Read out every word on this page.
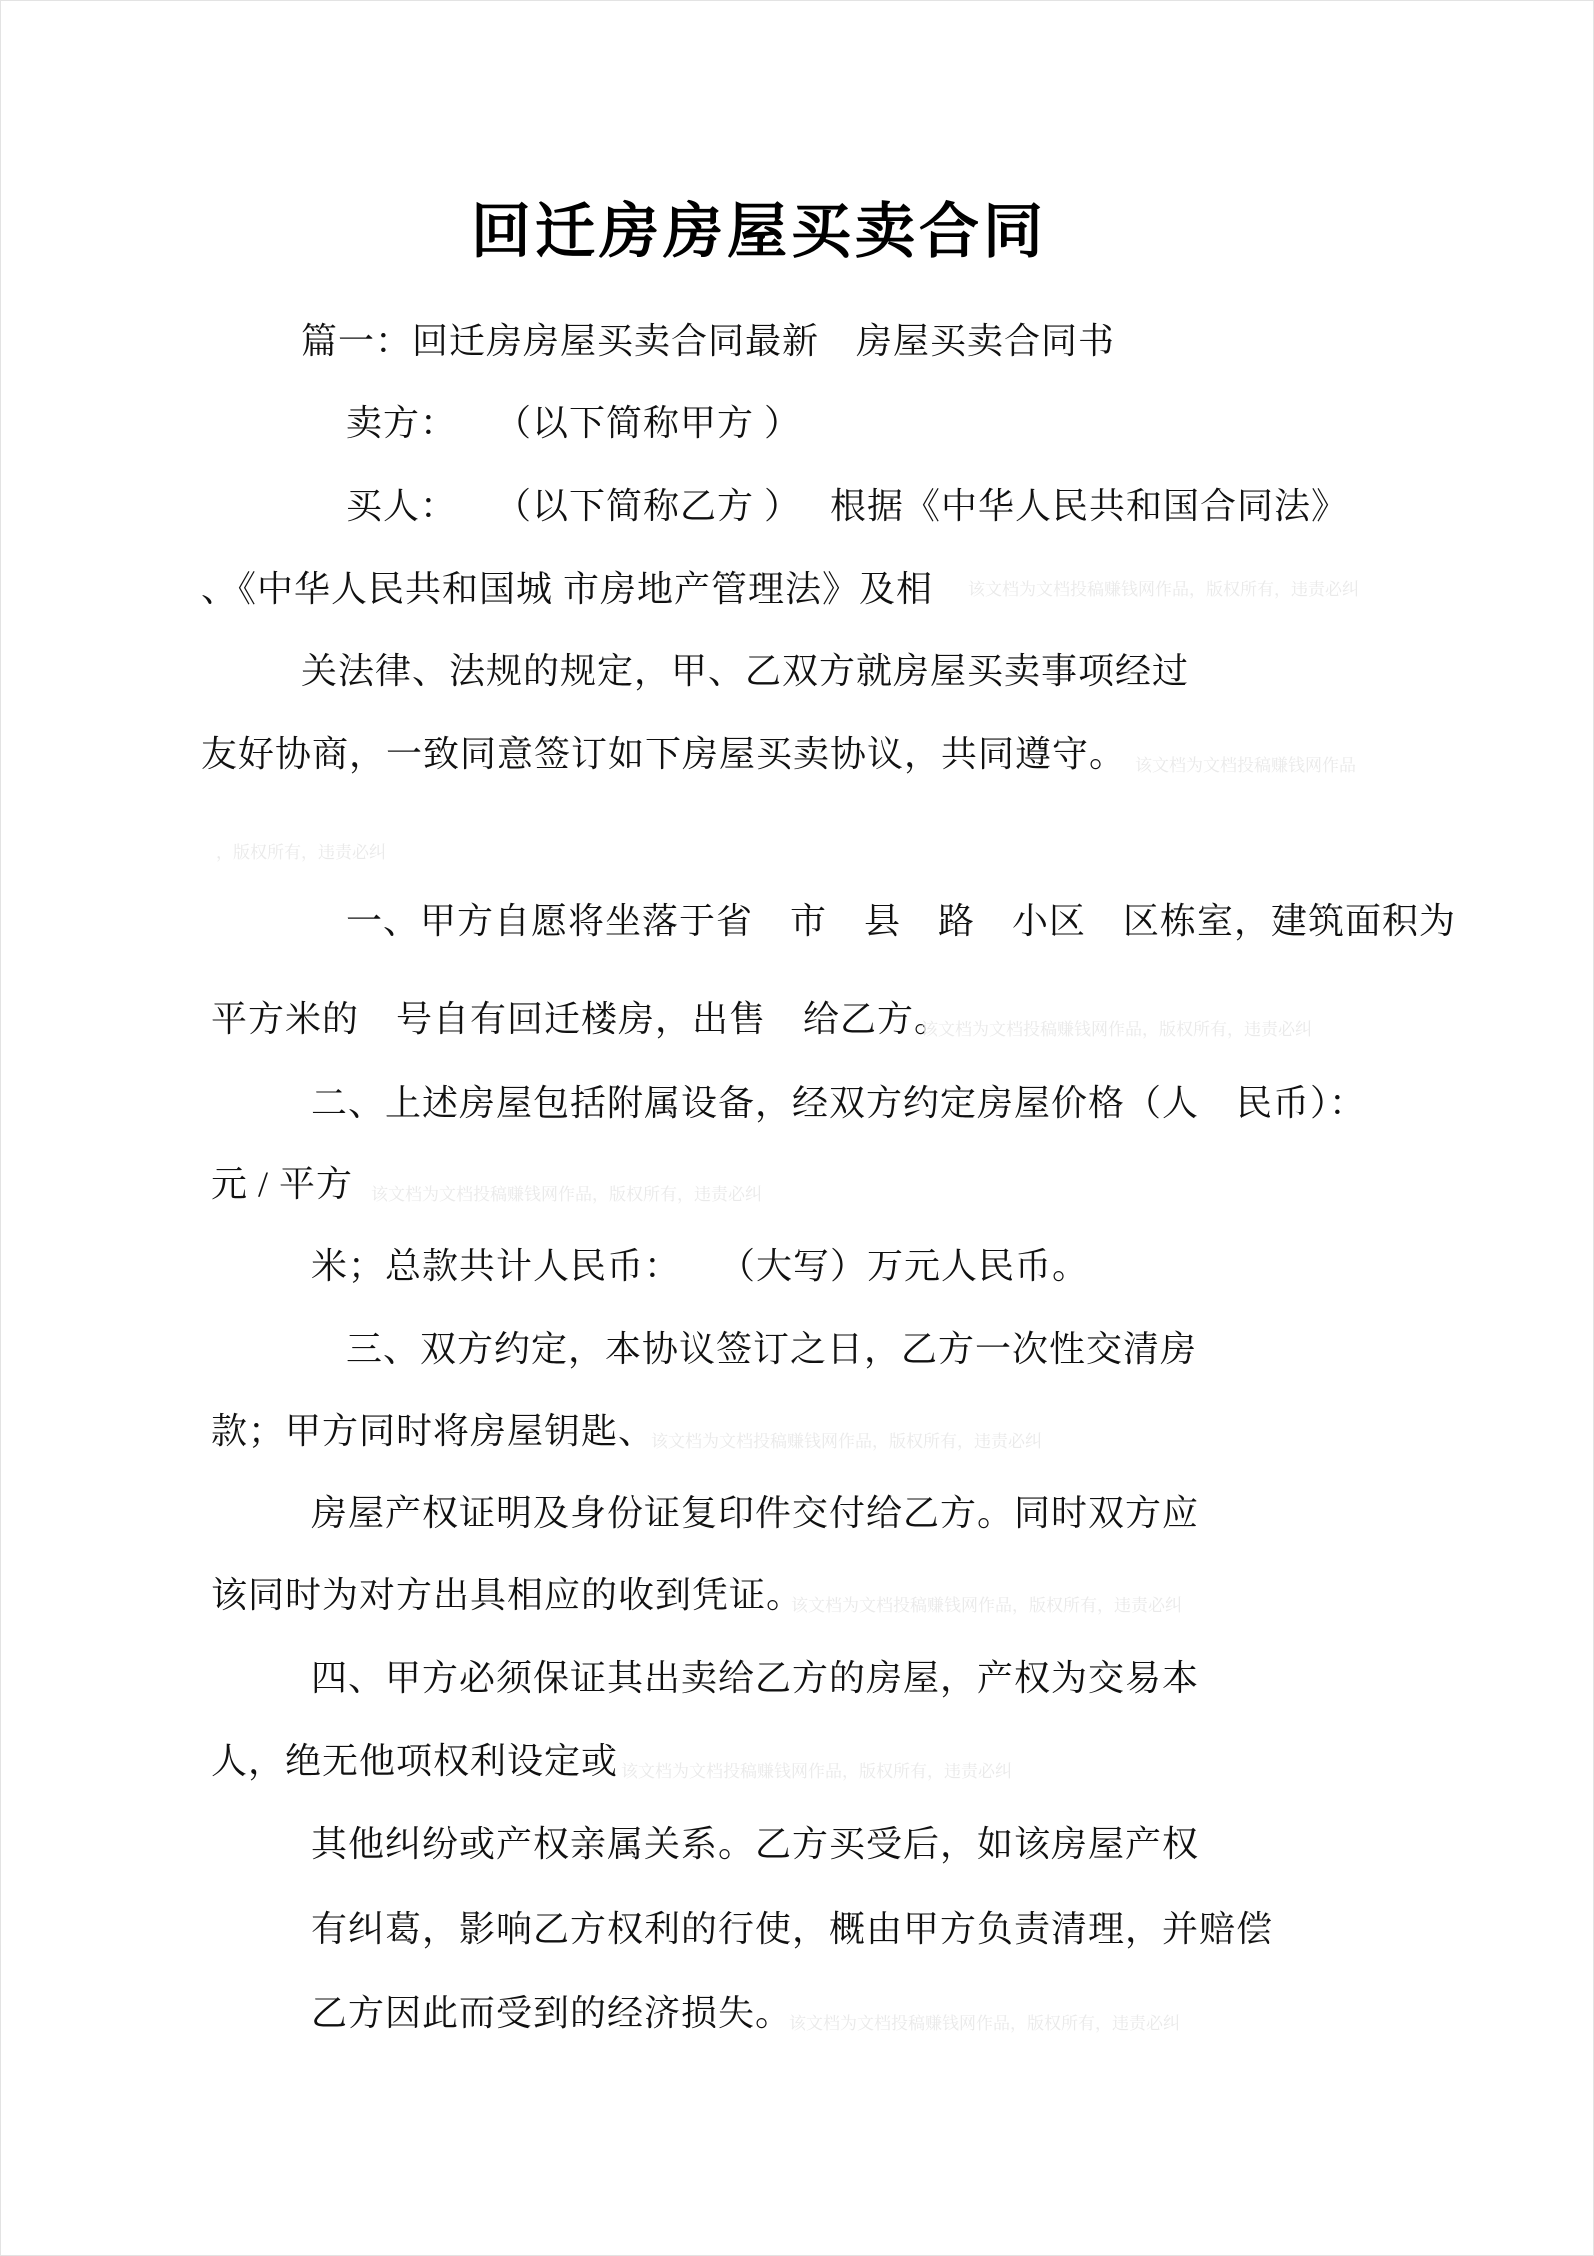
回迁房房屋买卖合同
篇一：回迁房房屋买卖合同最新　房屋买卖合同书
卖方：　　（以下简称甲方 ）
买人：　　（以下简称乙方 ）　 根据《中华人民共和国合同法》
、《中华人民共和国城 市房地产管理法》及相
关法律、法规的规定，甲、乙双方就房屋买卖事项经过
友好协商，一致同意签订如下房屋买卖协议，共同遵守。
一、甲方自愿将坐落于省　市　县　路　小区　区栋室，建筑面积为
平方米的　号自有回迁楼房，出售　给乙方。
二、上述房屋包括附属设备，经双方约定房屋价格（人　民币）：
元 / 平方
米；总款共计人民币：　　（大写）万元人民币。
三、双方约定，本协议签订之日，乙方一次性交清房
款；甲方同时将房屋钥匙、
房屋产权证明及身份证复印件交付给乙方。同时双方应
该同时为对方出具相应的收到凭证。
四、甲方必须保证其出卖给乙方的房屋，产权为交易本
人，绝无他项权利设定或
其他纠纷或产权亲属关系。乙方买受后，如该房屋产权
有纠葛，影响乙方权利的行使，概由甲方负责清理，并赔偿
乙方因此而受到的经济损失。
该文档为文档投稿赚钱网作品，版权所有，违责必纠
该文档为文档投稿赚钱网作品
，版权所有，违责必纠
该文档为文档投稿赚钱网作品，版权所有，违责必纠
该文档为文档投稿赚钱网作品，版权所有，违责必纠
该文档为文档投稿赚钱网作品，版权所有，违责必纠
该文档为文档投稿赚钱网作品，版权所有，违责必纠
该文档为文档投稿赚钱网作品，版权所有，违责必纠
该文档为文档投稿赚钱网作品，版权所有，违责必纠
